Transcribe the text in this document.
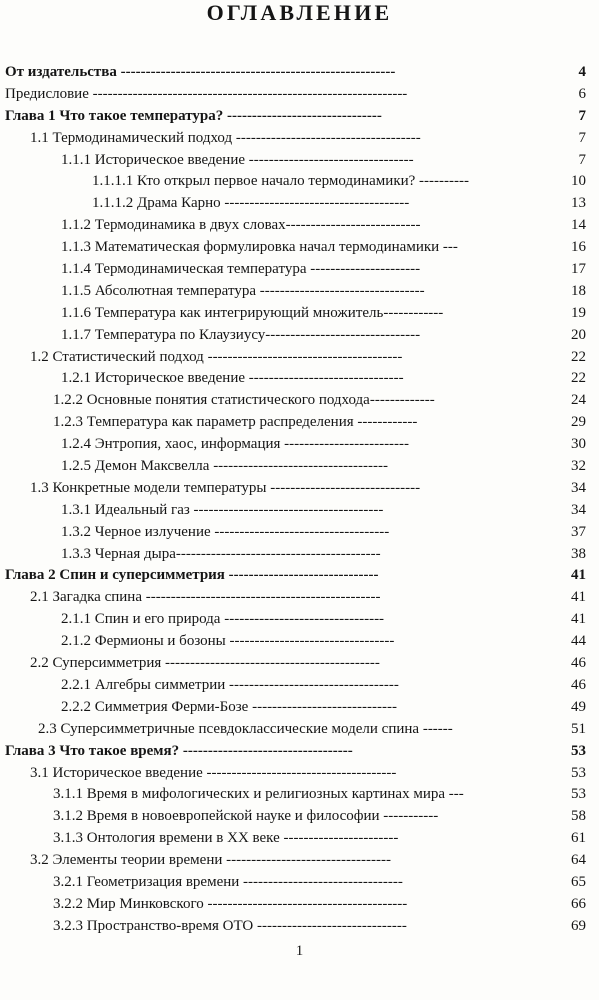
ОГЛАВЛЕНИЕ
От издательства -------------------------------------------------------	4
Предисловие ---------------------------------------------------------------	6
Глава 1 Что такое температура? -------------------------------	7
1.1 Термодинамический подход -------------------------------------	7
1.1.1 Историческое введение ---------------------------------	7
1.1.1.1 Кто открыл первое начало термодинамики? ----------	10
1.1.1.2 Драма Карно -------------------------------------	13
1.1.2 Термодинамика в двух словах---------------------------	14
1.1.3 Математическая формулировка начал термодинамики ---	16
1.1.4 Термодинамическая температура ----------------------	17
1.1.5 Абсолютная температура ---------------------------------	18
1.1.6 Температура как интегрирующий множитель------------	19
1.1.7 Температура по Клаузиусу-------------------------------	20
1.2 Статистический подход ---------------------------------------	22
1.2.1 Историческое введение -------------------------------	22
1.2.2 Основные понятия статистического подхода-------------	24
1.2.3 Температура как параметр распределения ------------	29
1.2.4 Энтропия, хаос, информация -------------------------	30
1.2.5 Демон Максвелла -----------------------------------	32
1.3 Конкретные модели температуры ------------------------------	34
1.3.1 Идеальный газ --------------------------------------	34
1.3.2 Черное излучение -----------------------------------	37
1.3.3 Черная дыра-----------------------------------------	38
Глава 2 Спин и суперсимметрия ------------------------------	41
2.1 Загадка спина -----------------------------------------------	41
2.1.1 Спин и его природа --------------------------------	41
2.1.2 Фермионы и бозоны ---------------------------------	44
2.2 Суперсимметрия -------------------------------------------	46
2.2.1 Алгебры симметрии ----------------------------------	46
2.2.2 Симметрия Ферми-Бозе -----------------------------	49
2.3 Суперсимметричные псевдоклассические модели спина ------	51
Глава 3 Что такое время? ----------------------------------	53
3.1 Историческое введение --------------------------------------	53
3.1.1 Время в мифологических и религиозных картинах мира ---	53
3.1.2 Время в новоевропейской науке и философии -----------	58
3.1.3 Онтология времени в XX веке -----------------------	61
3.2 Элементы теории времени ---------------------------------	64
3.2.1 Геометризация времени --------------------------------	65
3.2.2 Мир Минковского ----------------------------------------	66
3.2.3 Пространство-время ОТО ------------------------------	69
1
